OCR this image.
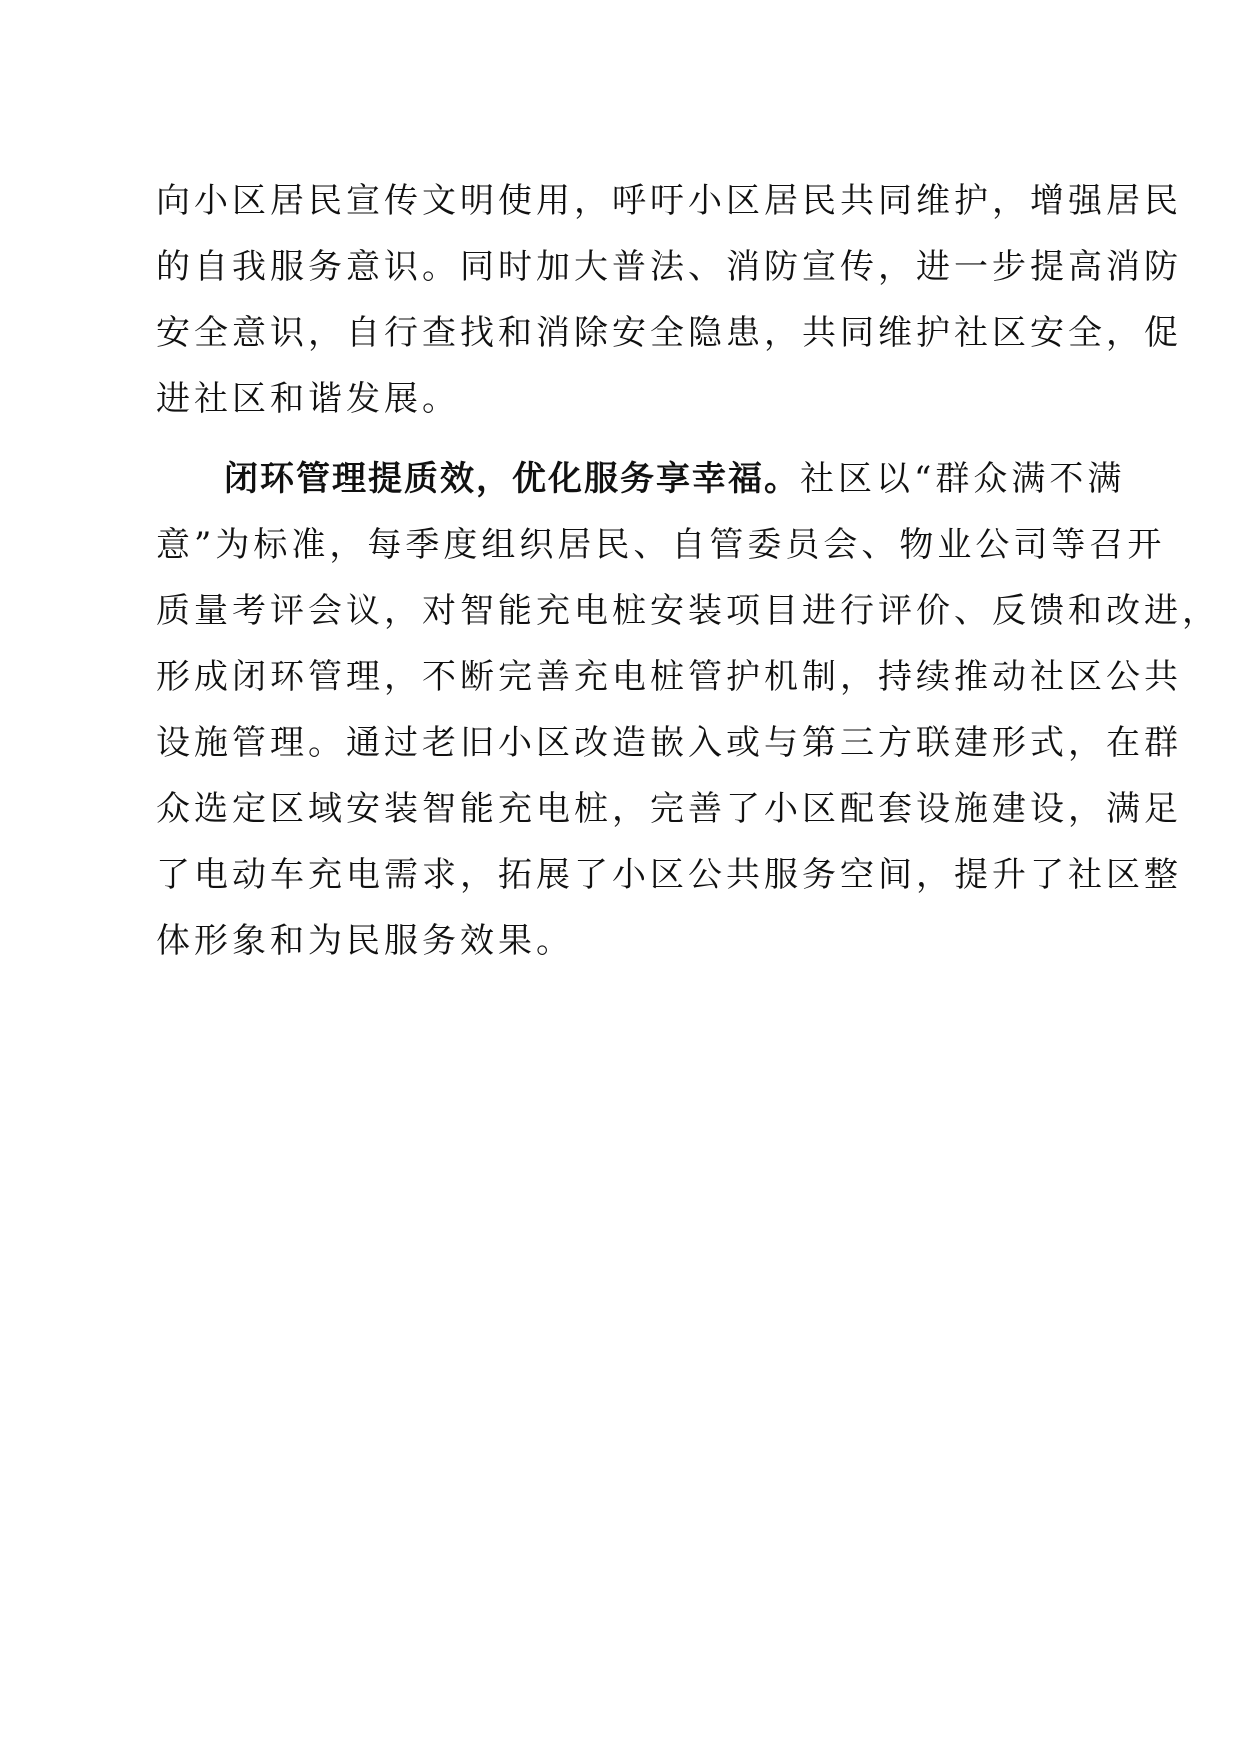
向小区居民宣传文明使用，呼吁小区居民共同维护，增强居民
的自我服务意识。同时加大普法、消防宣传，进一步提高消防
安全意识，自行查找和消除安全隐患，共同维护社区安全，促
进社区和谐发展。
闭环管理提质效，优化服务享幸福。社区以“群众满不满
意”为标准，每季度组织居民、自管委员会、物业公司等召开
质量考评会议，对智能充电桩安装项目进行评价、反馈和改进，
形成闭环管理，不断完善充电桩管护机制，持续推动社区公共
设施管理。通过老旧小区改造嵌入或与第三方联建形式，在群
众选定区域安装智能充电桩，完善了小区配套设施建设，满足
了电动车充电需求，拓展了小区公共服务空间，提升了社区整
体形象和为民服务效果。
